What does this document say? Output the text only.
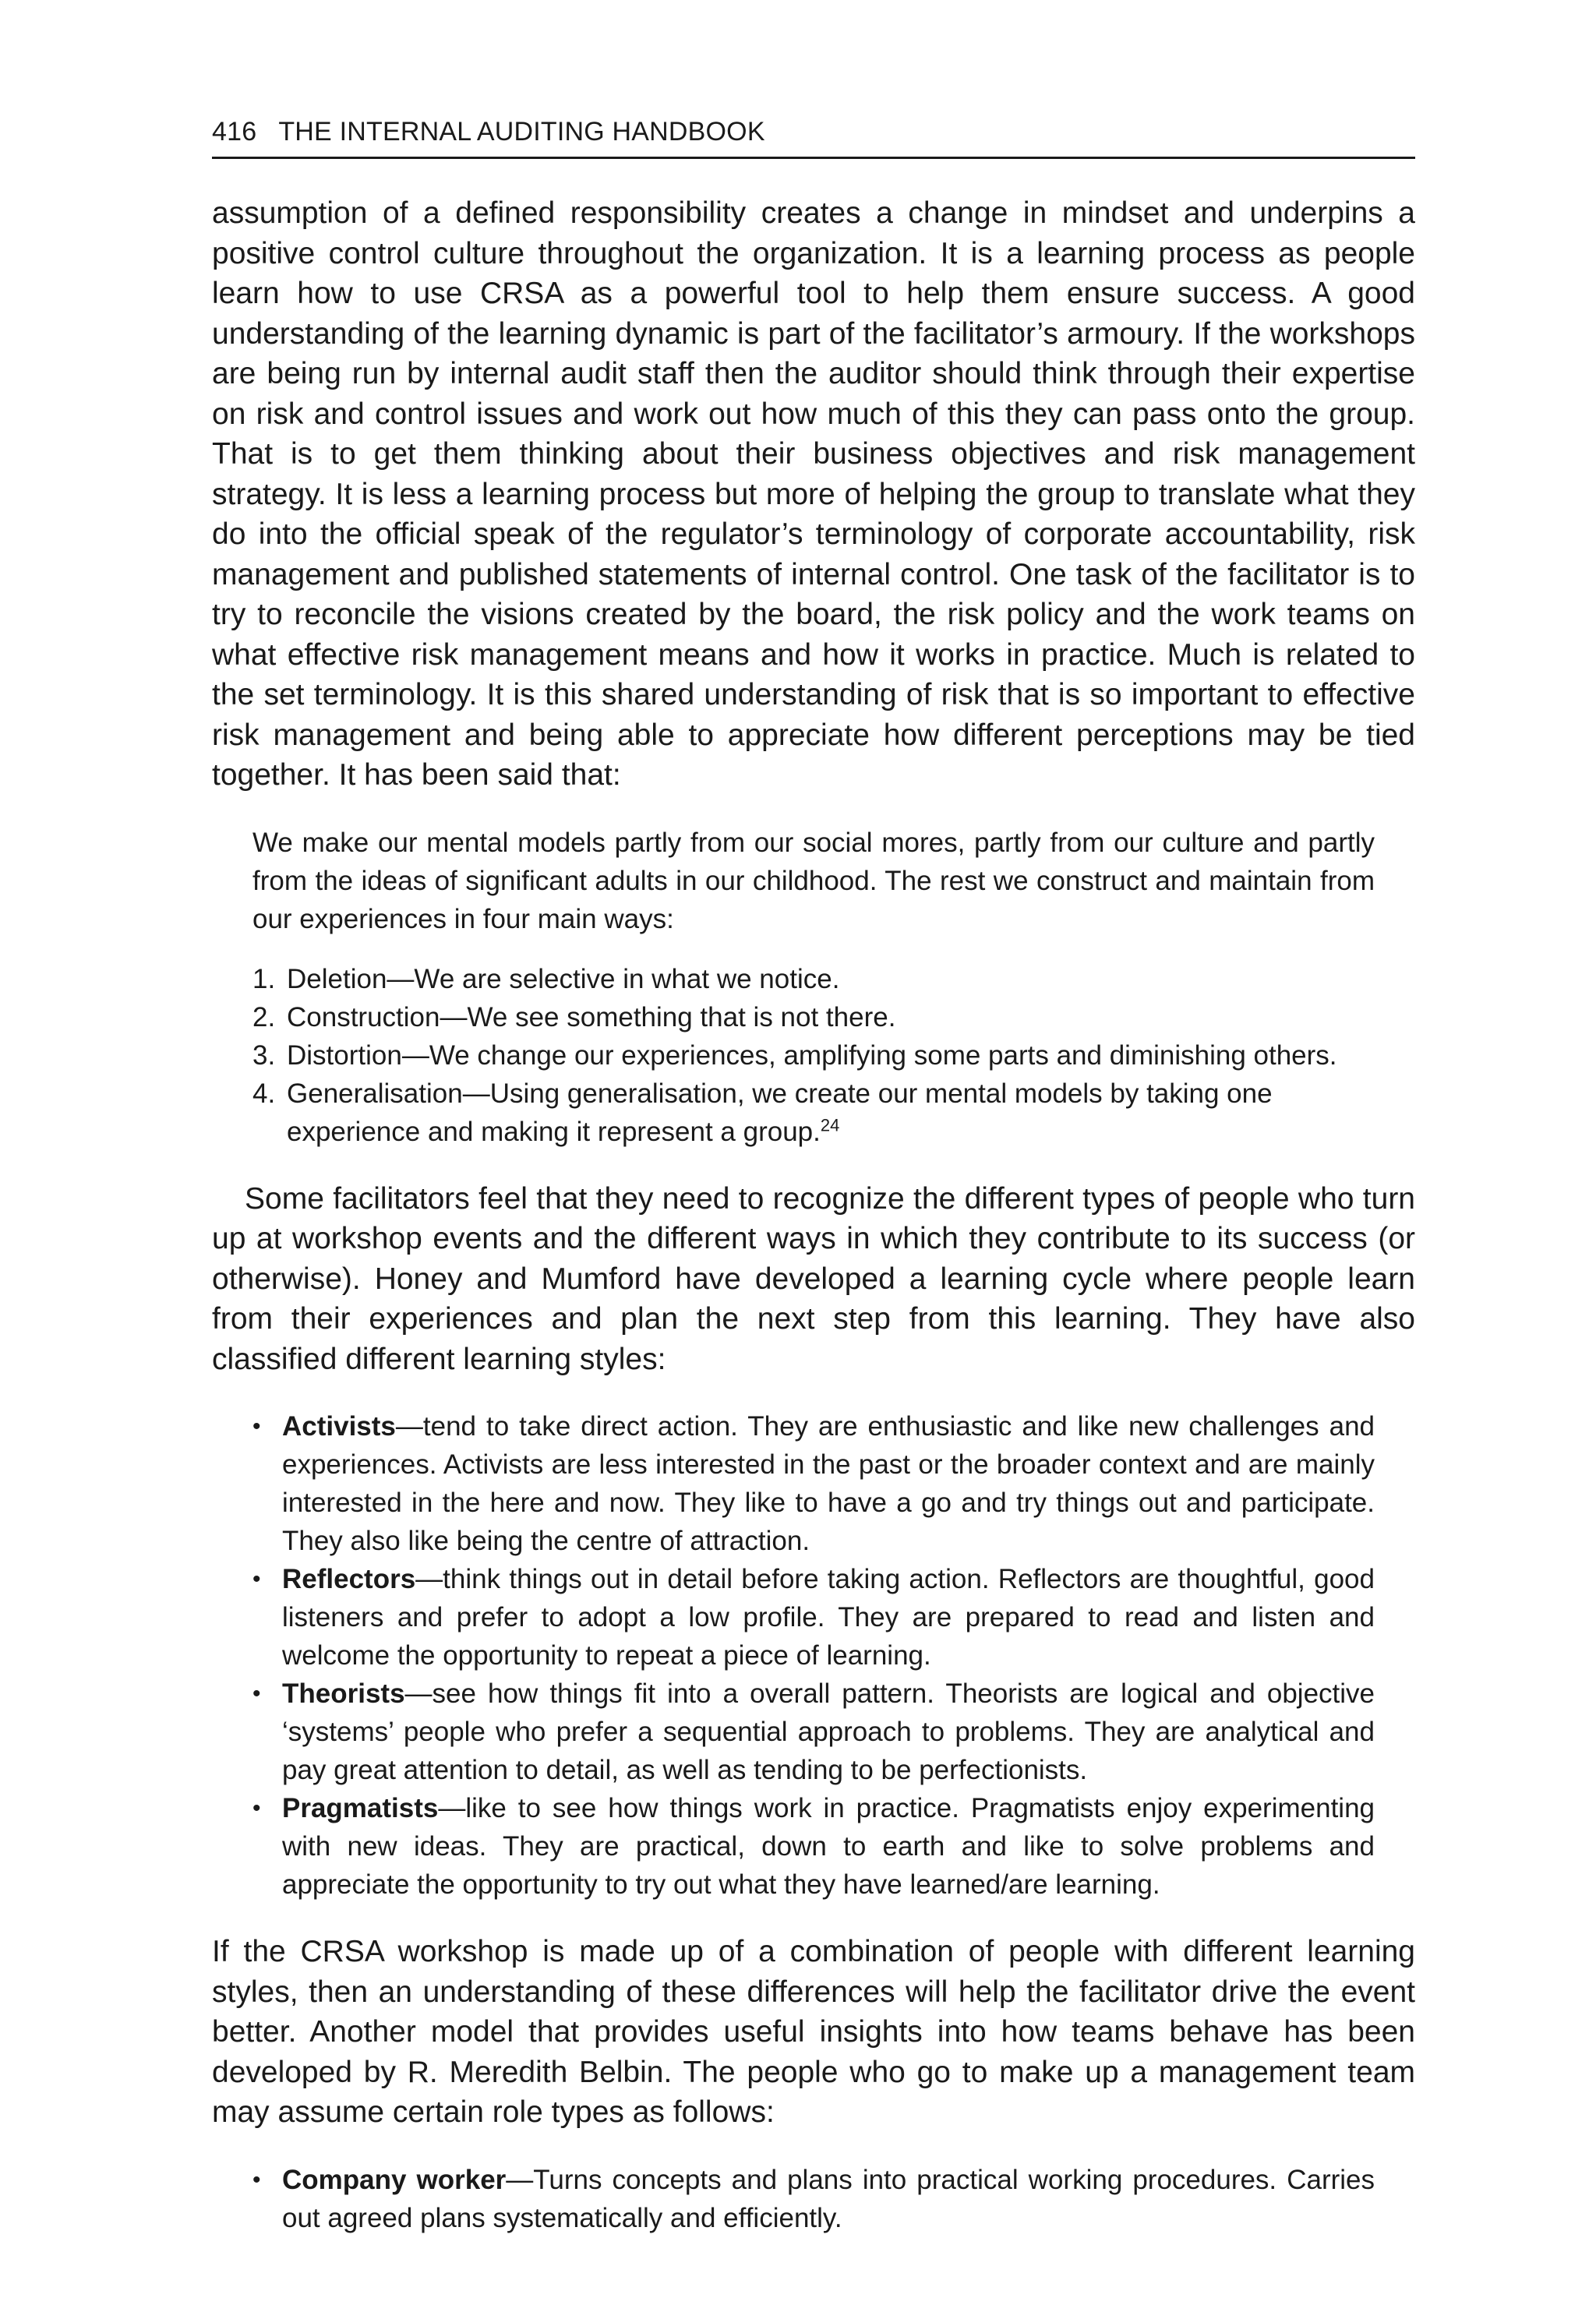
416 THE INTERNAL AUDITING HANDBOOK

assumption of a defined responsibility creates a change in mindset and underpins a positive control culture throughout the organization. It is a learning process as people learn how to use CRSA as a powerful tool to help them ensure success. A good understanding of the learning dynamic is part of the facilitator’s armoury. If the workshops are being run by internal audit staff then the auditor should think through their expertise on risk and control issues and work out how much of this they can pass onto the group. That is to get them thinking about their business objectives and risk management strategy. It is less a learning process but more of helping the group to translate what they do into the official speak of the regulator’s terminology of corporate accountability, risk management and published statements of internal control. One task of the facilitator is to try to reconcile the visions created by the board, the risk policy and the work teams on what effective risk management means and how it works in practice. Much is related to the set terminology. It is this shared understanding of risk that is so important to effective risk management and being able to appreciate how different perceptions may be tied together. It has been said that:

We make our mental models partly from our social mores, partly from our culture and partly from the ideas of significant adults in our childhood. The rest we construct and maintain from our experiences in four main ways:

1. Deletion—We are selective in what we notice.
2. Construction—We see something that is not there.
3. Distortion—We change our experiences, amplifying some parts and diminishing others.
4. Generalisation—Using generalisation, we create our mental models by taking one experience and making it represent a group.$^{24}$

Some facilitators feel that they need to recognize the different types of people who turn up at workshop events and the different ways in which they contribute to its success (or otherwise). Honey and Mumford have developed a learning cycle where people learn from their experiences and plan the next step from this learning. They have also classified different learning styles:

• Activists—tend to take direct action. They are enthusiastic and like new challenges and experiences. Activists are less interested in the past or the broader context and are mainly interested in the here and now. They like to have a go and try things out and participate. They also like being the centre of attraction.
• Reflectors—think things out in detail before taking action. Reflectors are thoughtful, good listeners and prefer to adopt a low profile. They are prepared to read and listen and welcome the opportunity to repeat a piece of learning.
• Theorists—see how things fit into a overall pattern. Theorists are logical and objective ‘systems’ people who prefer a sequential approach to problems. They are analytical and pay great attention to detail, as well as tending to be perfectionists.
• Pragmatists—like to see how things work in practice. Pragmatists enjoy experimenting with new ideas. They are practical, down to earth and like to solve problems and appreciate the opportunity to try out what they have learned/are learning.

If the CRSA workshop is made up of a combination of people with different learning styles, then an understanding of these differences will help the facilitator drive the event better. Another model that provides useful insights into how teams behave has been developed by R. Meredith Belbin. The people who go to make up a management team may assume certain role types as follows:

• Company worker—Turns concepts and plans into practical working procedures. Carries out agreed plans systematically and efficiently.
